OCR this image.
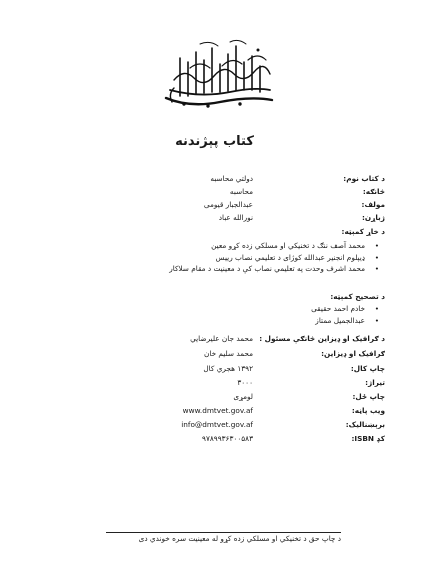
کتاب پېژندنه
د کتاب نوم:
دولتي محاسبه
څانګه:
محاسبه
مولف:
عبدالجبار قیومی
ژباړن:
نورالله عباد
د خاړ کمېټه:
• محمد آصف ننګ د تخنيکي او مسلکي زده کړو معين
• ډيپلوم انجنير عبدالله کوژای د تعليمي نصاب رييس
• محمد اشرف وحدت په تعليمي نصاب کې د معينيت د مقام سلاکار
د تصحیح کمېټه:
• خادم احمد حقیقی
• عبدالجمیل ممتاز
د ګرافيک او ډيزاين څانګې مسئول :
محمد جان عليرضايي
ګرافيک او ډيزاين:
محمد سليم خان
چاپ کال:
۱۳۹۲ هجري کال
تیراژ:
۳۰۰۰
چاپ ځل:
لومړی
ويب پاڼه:
www.dmtvet.gov.af
برېښناليک:
info@dmtvet.gov.af
کډ ISBN:
۹۷۸۹۹۳۶۳۰۰۵۸۳
د چاپ حق د تخنيکي او مسلکي زده کړو له معينيت سره خوندي دی
